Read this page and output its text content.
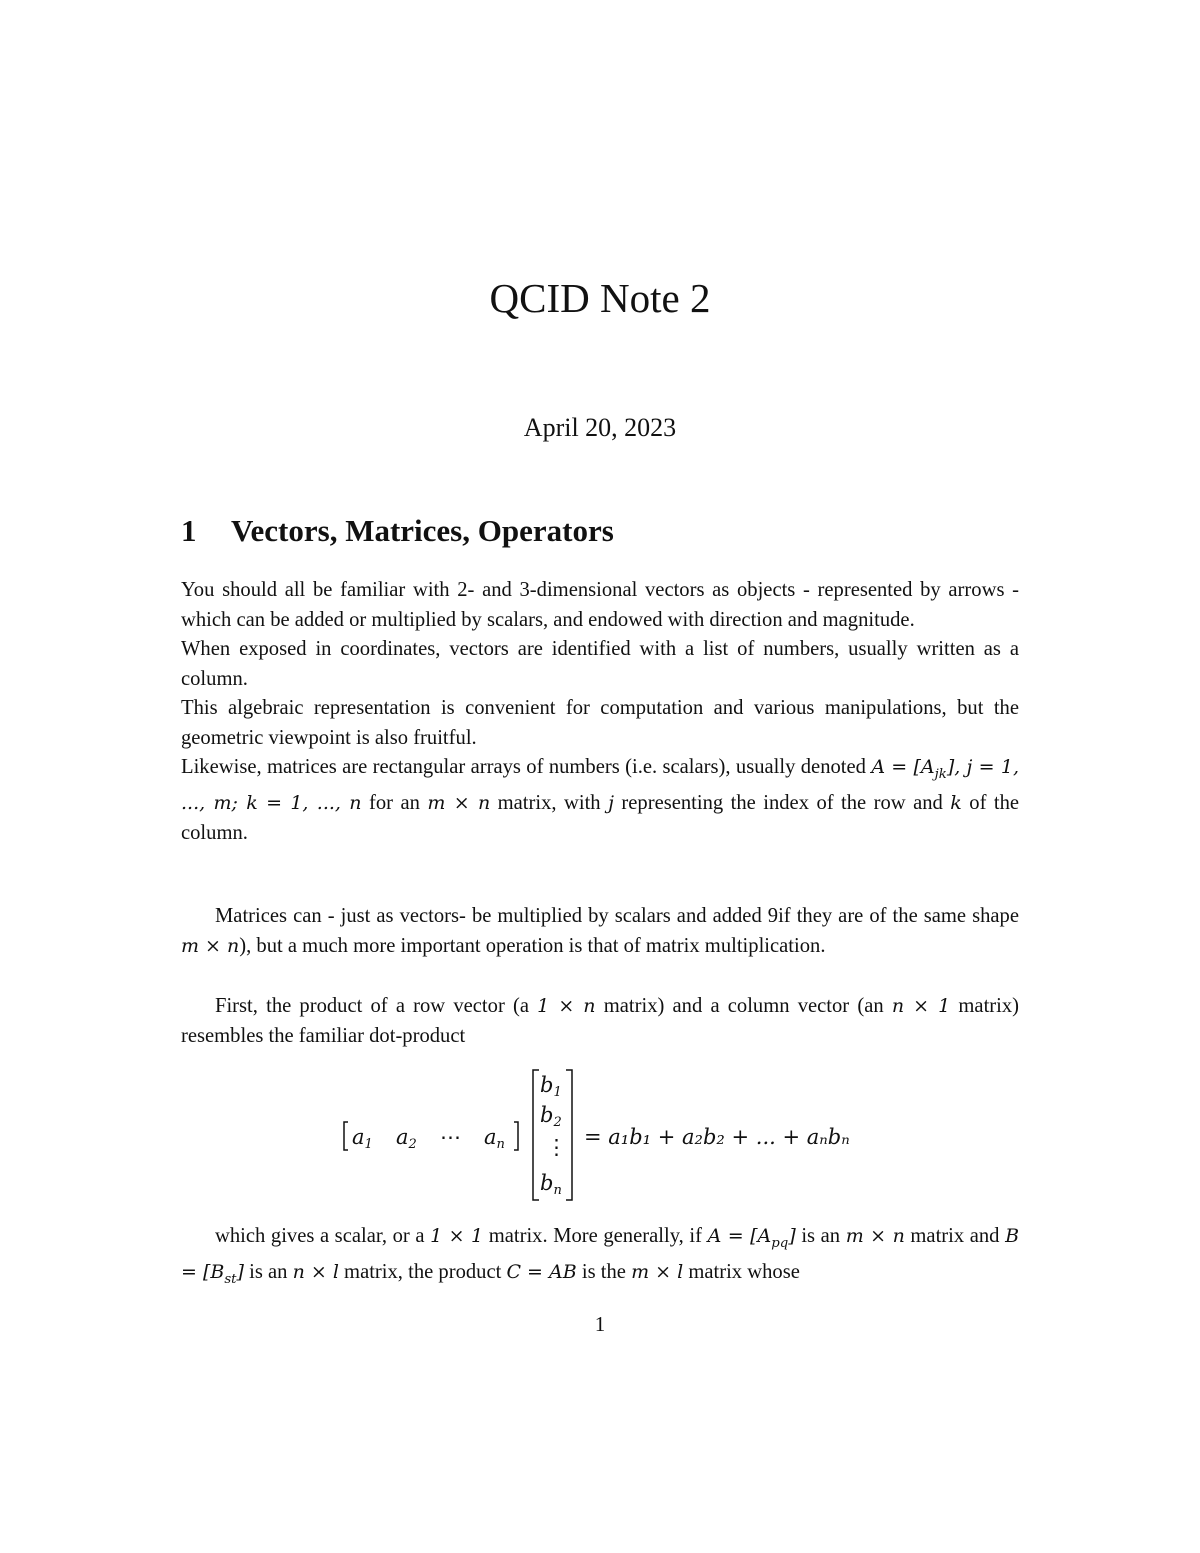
QCID Note 2
April 20, 2023
1 Vectors, Matrices, Operators

You should all be familiar with 2- and 3-dimensional vectors as objects - represented by arrows - which can be added or multiplied by scalars, and endowed with direction and magnitude.

When exposed in coordinates, vectors are identified with a list of numbers, usually written as a column.

This algebraic representation is convenient for computation and various manipulations, but the geometric viewpoint is also fruitful.

Likewise, matrices are rectangular arrays of numbers (i.e. scalars), usually denoted $A = [A_{jk}]$, j = 1, ..., m; k = 1, ..., n for an m × n matrix, with j representing the index of the row and k of the column.

Matrices can - just as vectors- be multiplied by scalars and added 9if they are of the same shape m × n), but a much more important operation is that of matrix multiplication.

First, the product of a row vector (a 1 × n matrix) and a column vector (an n × 1 matrix) resembles the familiar dot-product

a1 a2 ⋯ an
b1
b2
⋮
bn
= a₁b₁ + a₂b₂ + ... + aₙbₙ

which gives a scalar, or a 1 × 1 matrix. More generally, if $A = [A_{pq}]$ is an m × n matrix and $B = [B_{st}]$ is an n × l matrix, the product C = AB is the m × l matrix whose

1
